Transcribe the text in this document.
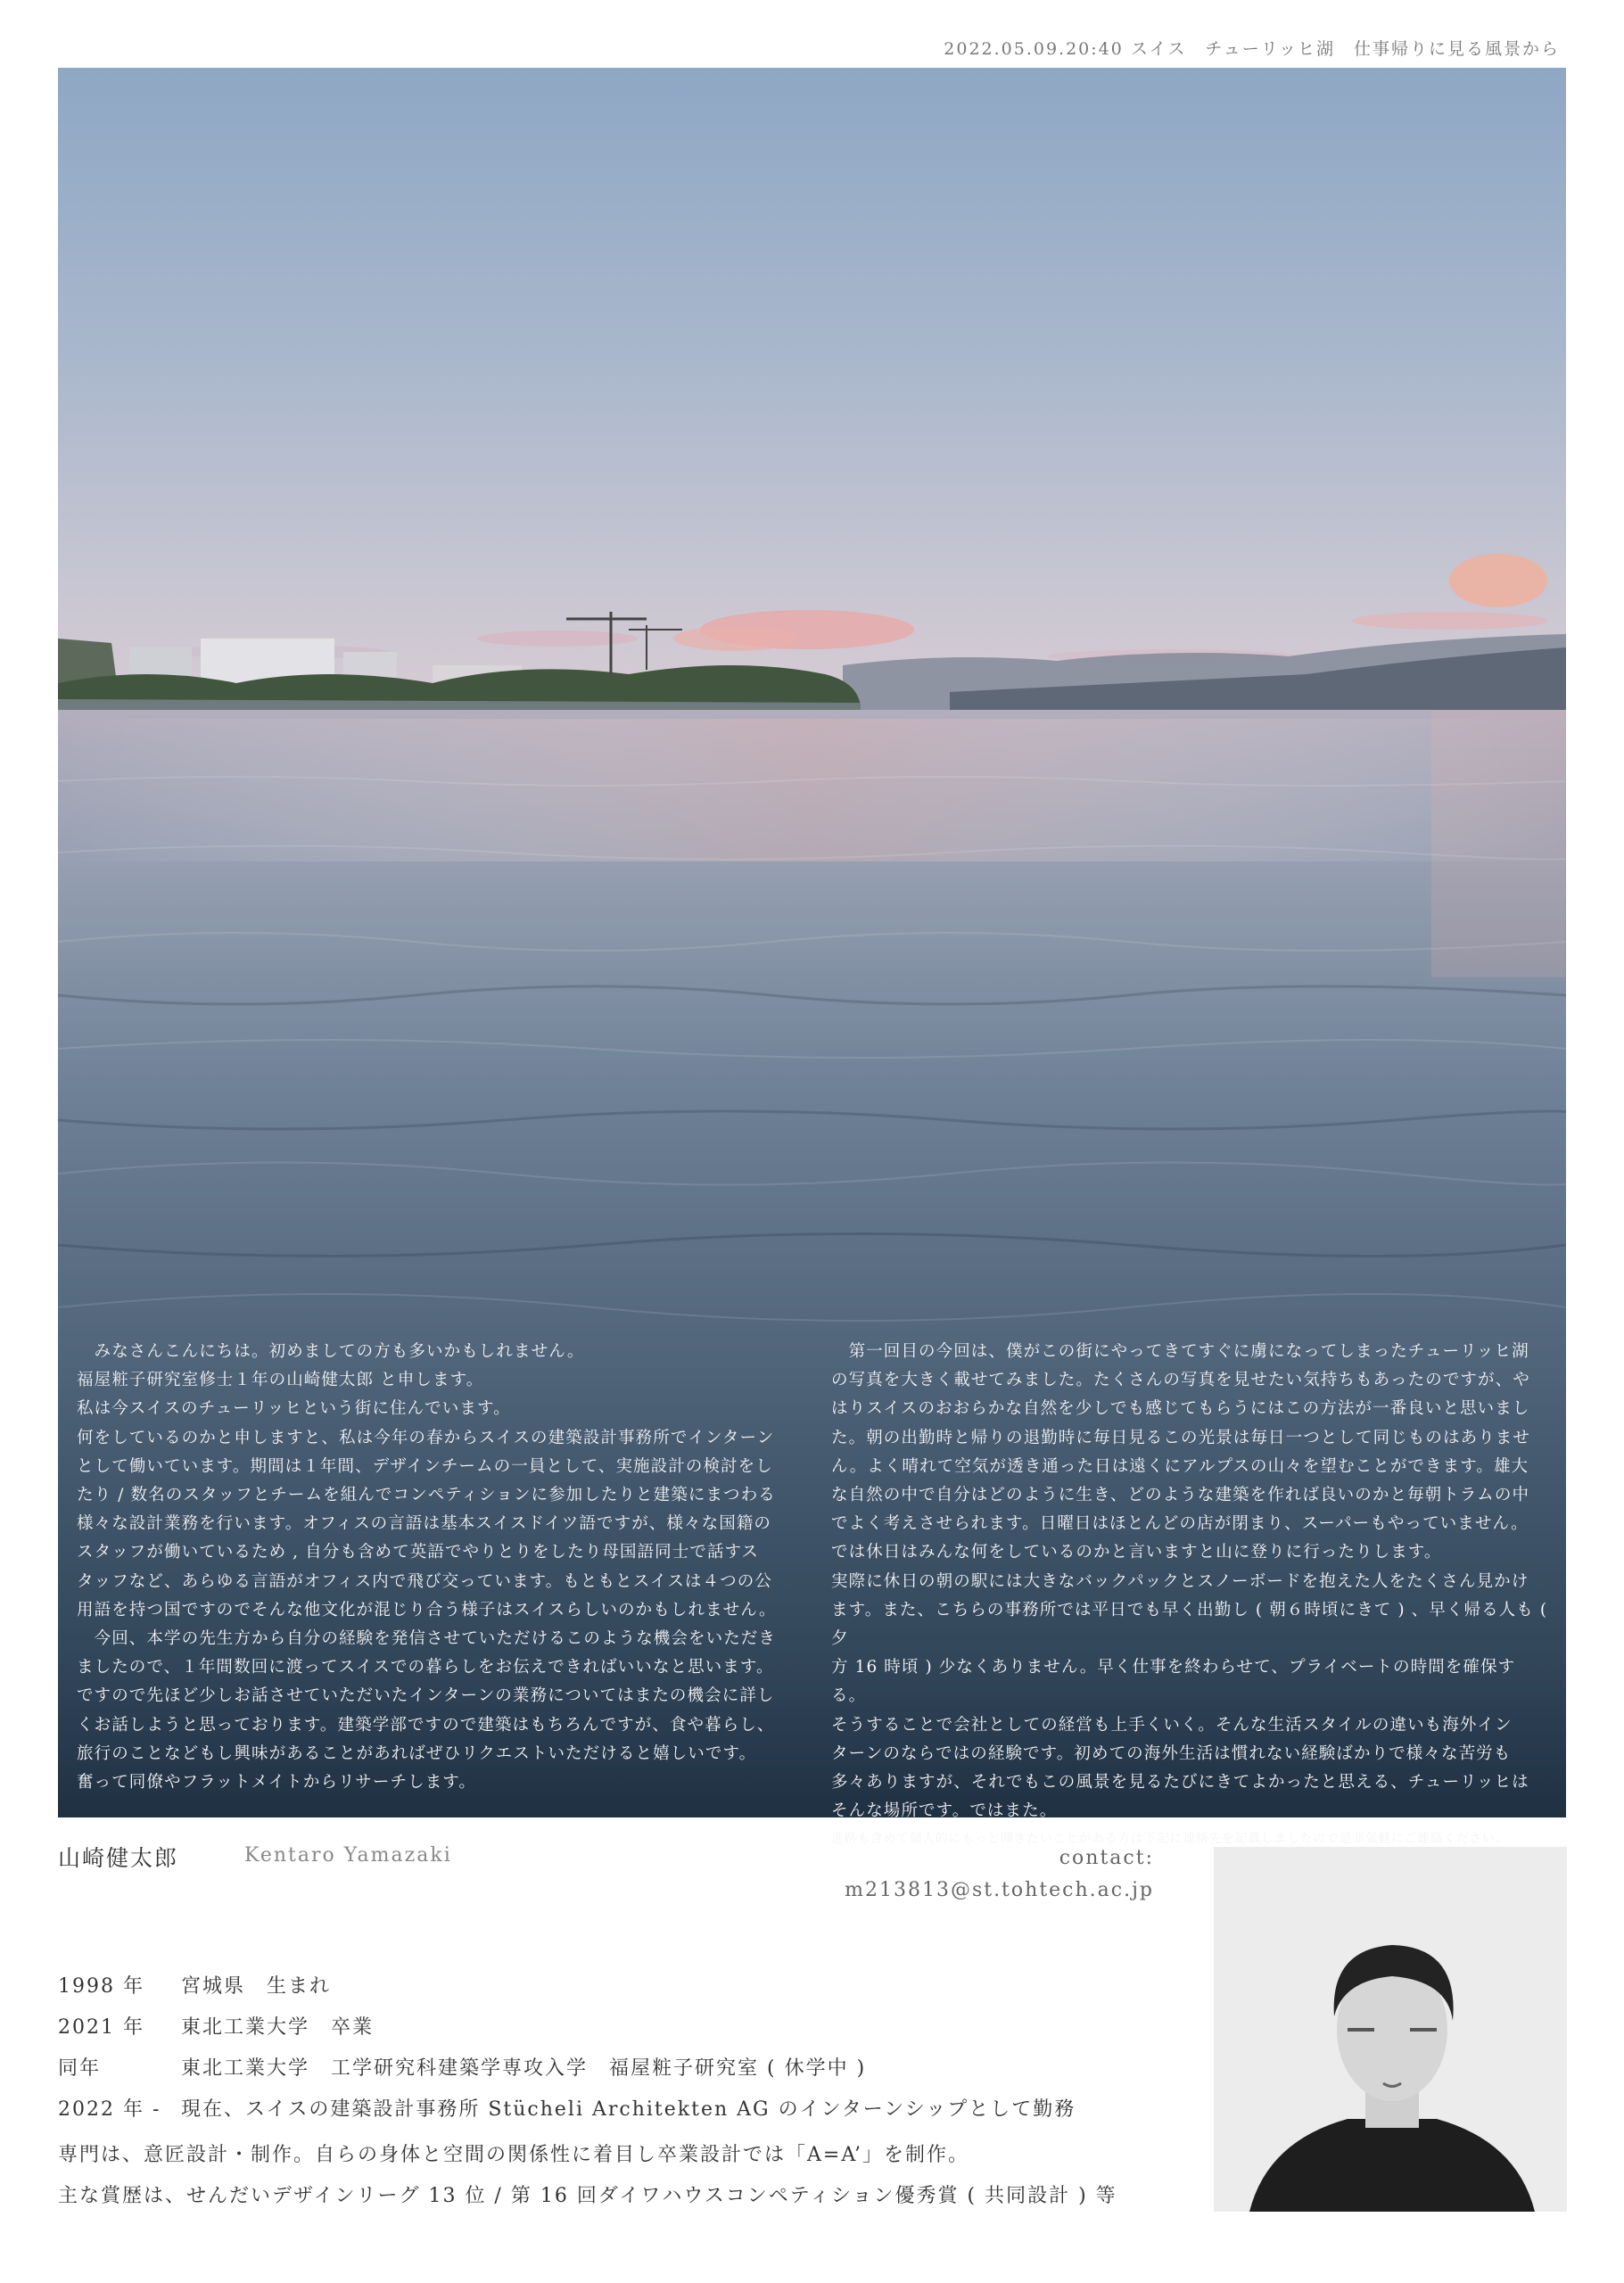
2022.05.09.20:40 スイス　チューリッヒ湖　仕事帰りに見る風景から

　みなさんこんにちは。初めましての方も多いかもしれません。

福屋粧子研究室修士１年の山崎健太郎 と申します。

私は今スイスのチューリッヒという街に住んでいます。

何をしているのかと申しますと、私は今年の春からスイスの建築設計事務所でインターン

として働いています。期間は１年間、デザインチームの一員として、実施設計の検討をし

たり / 数名のスタッフとチームを組んでコンペティションに参加したりと建築にまつわる

様々な設計業務を行います。オフィスの言語は基本スイスドイツ語ですが、様々な国籍の

スタッフが働いているため , 自分も含めて英語でやりとりをしたり母国語同士で話すス

タッフなど、あらゆる言語がオフィス内で飛び交っています。もともとスイスは４つの公

用語を持つ国ですのでそんな他文化が混じり合う様子はスイスらしいのかもしれません。

　今回、本学の先生方から自分の経験を発信させていただけるこのような機会をいただき

ましたので、１年間数回に渡ってスイスでの暮らしをお伝えできればいいなと思います。

ですので先ほど少しお話させていただいたインターンの業務についてはまたの機会に詳し

くお話しようと思っております。建築学部ですので建築はもちろんですが、食や暮らし、

旅行のことなどもし興味があることがあればぜひリクエストいただけると嬉しいです。

奮って同僚やフラットメイトからリサーチします。

　第一回目の今回は、僕がこの街にやってきてすぐに虜になってしまったチューリッヒ湖

の写真を大きく載せてみました。たくさんの写真を見せたい気持ちもあったのですが、や

はりスイスのおおらかな自然を少しでも感じてもらうにはこの方法が一番良いと思いまし

た。朝の出勤時と帰りの退勤時に毎日見るこの光景は毎日一つとして同じものはありませ

ん。よく晴れて空気が透き通った日は遠くにアルプスの山々を望むことができます。雄大

な自然の中で自分はどのように生き、どのような建築を作れば良いのかと毎朝トラムの中

でよく考えさせられます。日曜日はほとんどの店が閉まり、スーパーもやっていません。

では休日はみんな何をしているのかと言いますと山に登りに行ったりします。

実際に休日の朝の駅には大きなバックパックとスノーボードを抱えた人をたくさん見かけ

ます。また、こちらの事務所では平日でも早く出勤し ( 朝６時頃にきて ) 、早く帰る人も ( 夕

方 16 時頃 ) 少なくありません。早く仕事を終わらせて、プライベートの時間を確保する。

そうすることで会社としての経営も上手くいく。そんな生活スタイルの違いも海外イン

ターンのならではの経験です。初めての海外生活は慣れない経験ばかりで様々な苦労も

多々ありますが、それでもこの風景を見るたびにきてよかったと思える、チューリッヒは

そんな場所です。ではまた。

進路も含めて個人的にもっと聞きたいことがある方は下記に連絡先を記載しましたので是非気軽にご連絡ください。

山崎健太郎	Kentaro Yamazaki	contact:
m213813@st.tohtech.ac.jp
1998 年 宮城県　生まれ
2021 年 東北工業大学　卒業
同年	東北工業大学　工学研究科建築学専攻入学　福屋粧子研究室 ( 休学中 )
2022 年 - 現在、スイスの建築設計事務所 Stücheli Architekten AG のインターンシップとして勤務
専門は、意匠設計・制作。自らの身体と空間の関係性に着目し卒業設計では「A=A’」を制作。
主な賞歴は、せんだいデザインリーグ 13 位 / 第 16 回ダイワハウスコンペティション優秀賞 ( 共同設計 ) 等
